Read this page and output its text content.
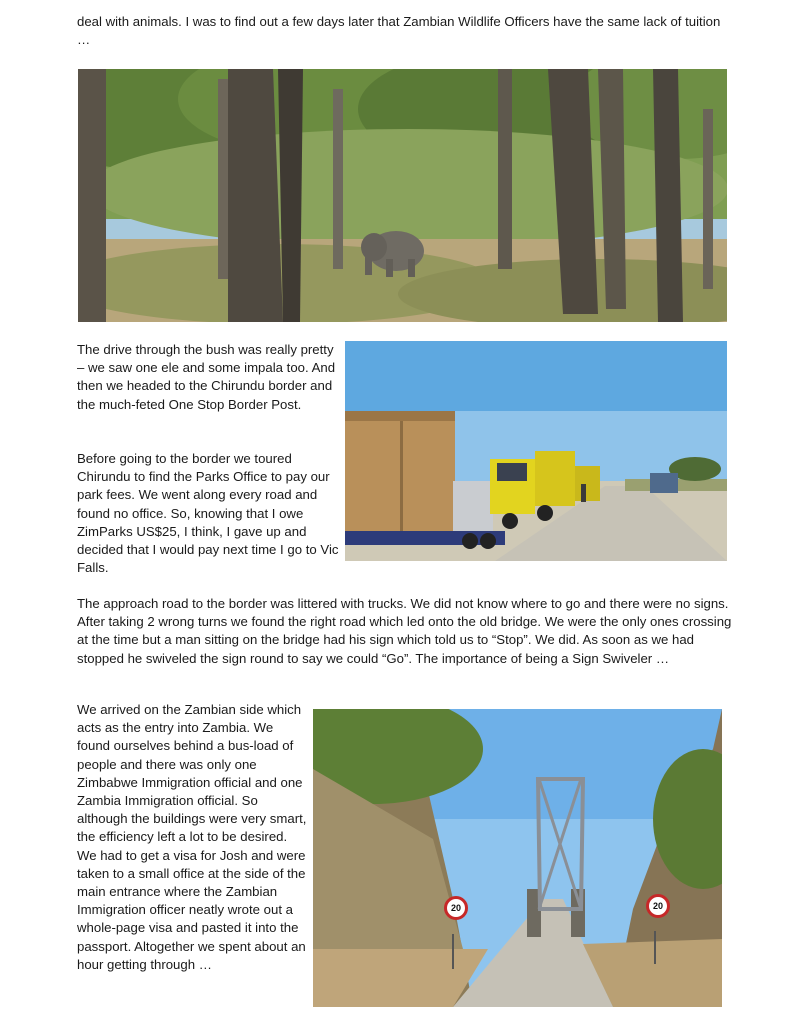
deal with animals. I was to find out a few days later that Zambian Wildlife Officers have the same lack of tuition …

The drive through the bush was really pretty – we saw one ele and some impala too. And then we headed to the Chirundu border and the much-feted One Stop Border Post.

Before going to the border we toured Chirundu to find the Parks Office to pay our park fees. We went along every road and found no office. So, knowing that I owe ZimParks US$25, I think, I gave up and decided that I would pay next time I go to Vic Falls.

The approach road to the border was littered with trucks. We did not know where to go and there were no signs. After taking 2 wrong turns we found the right road which led onto the old bridge. We were the only ones crossing at the time but a man sitting on the bridge had his sign which told us to “Stop”. We did. As soon as we had stopped he swiveled the sign round to say we could “Go”. The importance of being a Sign Swiveler …

We arrived on the Zambian side which acts as the entry into Zambia. We found ourselves behind a bus-load of people and there was only one Zimbabwe Immigration official and one Zambia Immigration official. So although the buildings were very smart, the efficiency left a lot to be desired. We had to get a visa for Josh and were taken to a small office at the side of the main entrance where the Zambian Immigration officer neatly wrote out a whole-page visa and pasted it into the passport. Altogether we spent about an hour getting through …

20	20
